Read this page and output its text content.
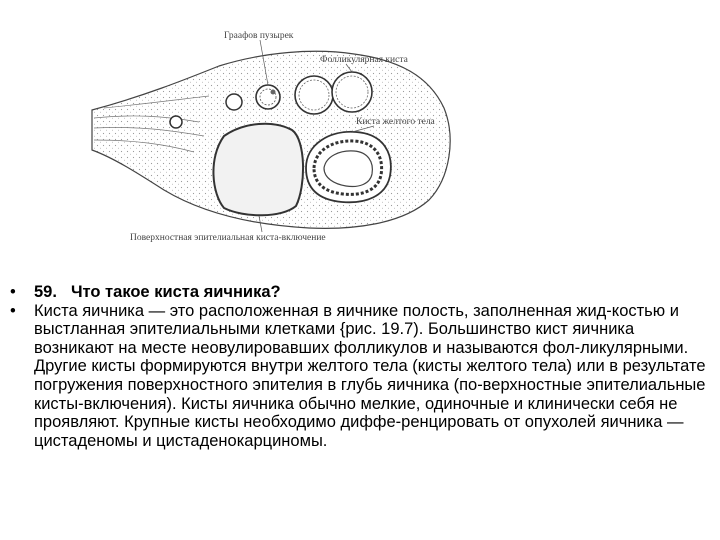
Граафов пузырек
Фолликулярная киста
Киста желтого тела
Поверхностная эпителиальная киста-включение
• 59. Что такое киста яичника?
• Киста яичника — это расположенная в яичнике полость, заполненная жид-костью и выстланная эпителиальными клетками {рис. 19.7). Большинство кист яичника возникают на месте неовулировавших фолликулов и называются фол-ликулярными. Другие кисты формируются внутри желтого тела (кисты желтого тела) или в результате погружения поверхностного эпителия в глубь яичника (по-верхностные эпителиальные кисты-включения). Кисты яичника обычно мелкие, одиночные и клинически себя не проявляют. Крупные кисты необходимо диффе-ренцировать от опухолей яичника — цистаденомы и цистаденокарциномы.
